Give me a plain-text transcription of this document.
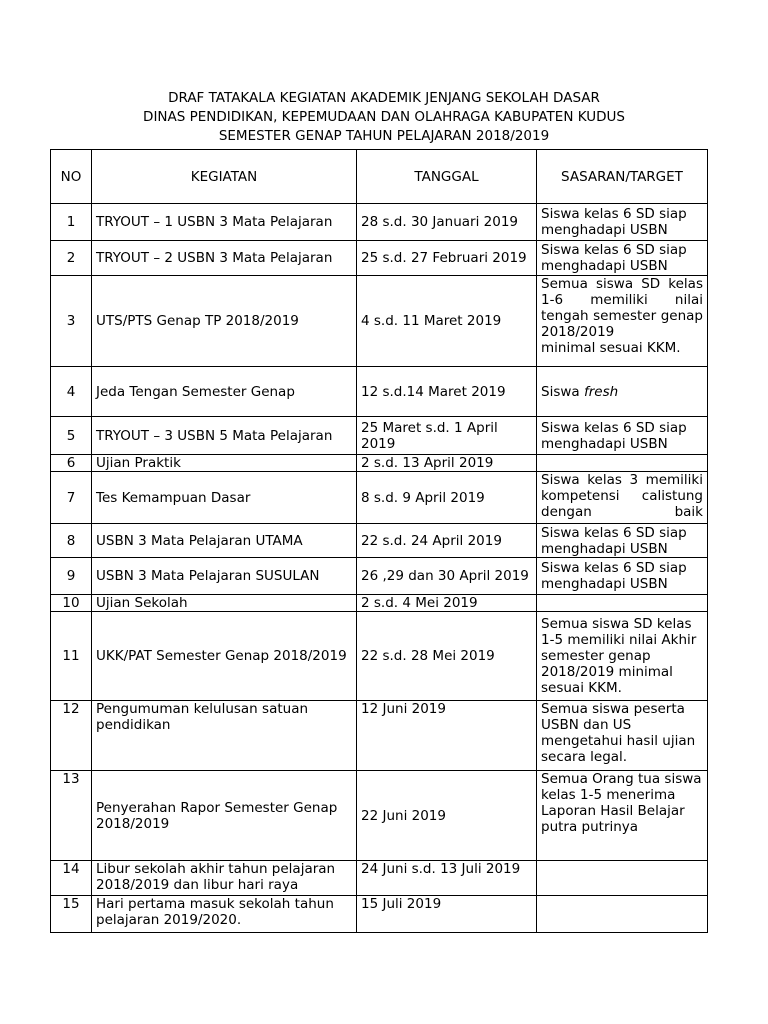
DRAF TATAKALA KEGIATAN AKADEMIK JENJANG SEKOLAH DASAR
DINAS PENDIDIKAN, KEPEMUDAAN DAN OLAHRAGA KABUPATEN KUDUS
SEMESTER GENAP TAHUN PELAJARAN 2018/2019
NO	KEGIATAN	TANGGAL	SASARAN/TARGET
1	TRYOUT – 1 USBN 3 Mata Pelajaran	28 s.d. 30 Januari 2019	Siswa kelas 6 SD siap menghadapi USBN
2	TRYOUT – 2 USBN 3 Mata Pelajaran	25 s.d. 27 Februari 2019	Siswa kelas 6 SD siap menghadapi USBN
3	UTS/PTS Genap TP 2018/2019	4 s.d. 11 Maret 2019	Semua siswa SD kelas 1-6 memiliki nilai tengah semester genap 2018/2019
minimal sesuai KKM.
4	Jeda Tengan Semester Genap	12 s.d.14 Maret 2019	Siswa fresh
5	TRYOUT – 3 USBN 5 Mata Pelajaran	25 Maret s.d. 1 April 2019	Siswa kelas 6 SD siap menghadapi USBN
6	Ujian Praktik	2 s.d. 13 April 2019	
7	Tes Kemampuan Dasar	8 s.d. 9 April 2019	Siswa kelas 3 memiliki kompetensi calistung dengan baik
8	USBN 3 Mata Pelajaran UTAMA	22 s.d. 24 April 2019	Siswa kelas 6 SD siap menghadapi USBN
9	USBN 3 Mata Pelajaran SUSULAN	26 ,29 dan 30 April 2019	Siswa kelas 6 SD siap menghadapi USBN
10	Ujian Sekolah	2 s.d. 4 Mei 2019	
11	UKK/PAT Semester Genap 2018/2019	22 s.d. 28 Mei 2019	Semua siswa SD kelas 1-5 memiliki nilai Akhir semester genap 2018/2019 minimal sesuai KKM.
12	Pengumuman kelulusan satuan pendidikan	12 Juni 2019	Semua siswa peserta USBN dan US mengetahui hasil ujian secara legal.
13	Penyerahan Rapor Semester Genap 2018/2019	22 Juni 2019	Semua Orang tua siswa kelas 1-5 menerima Laporan Hasil Belajar putra putrinya
14	Libur sekolah akhir tahun pelajaran 2018/2019 dan libur hari raya	24 Juni s.d. 13 Juli 2019	
15	Hari pertama masuk sekolah tahun pelajaran 2019/2020.	15 Juli 2019	
